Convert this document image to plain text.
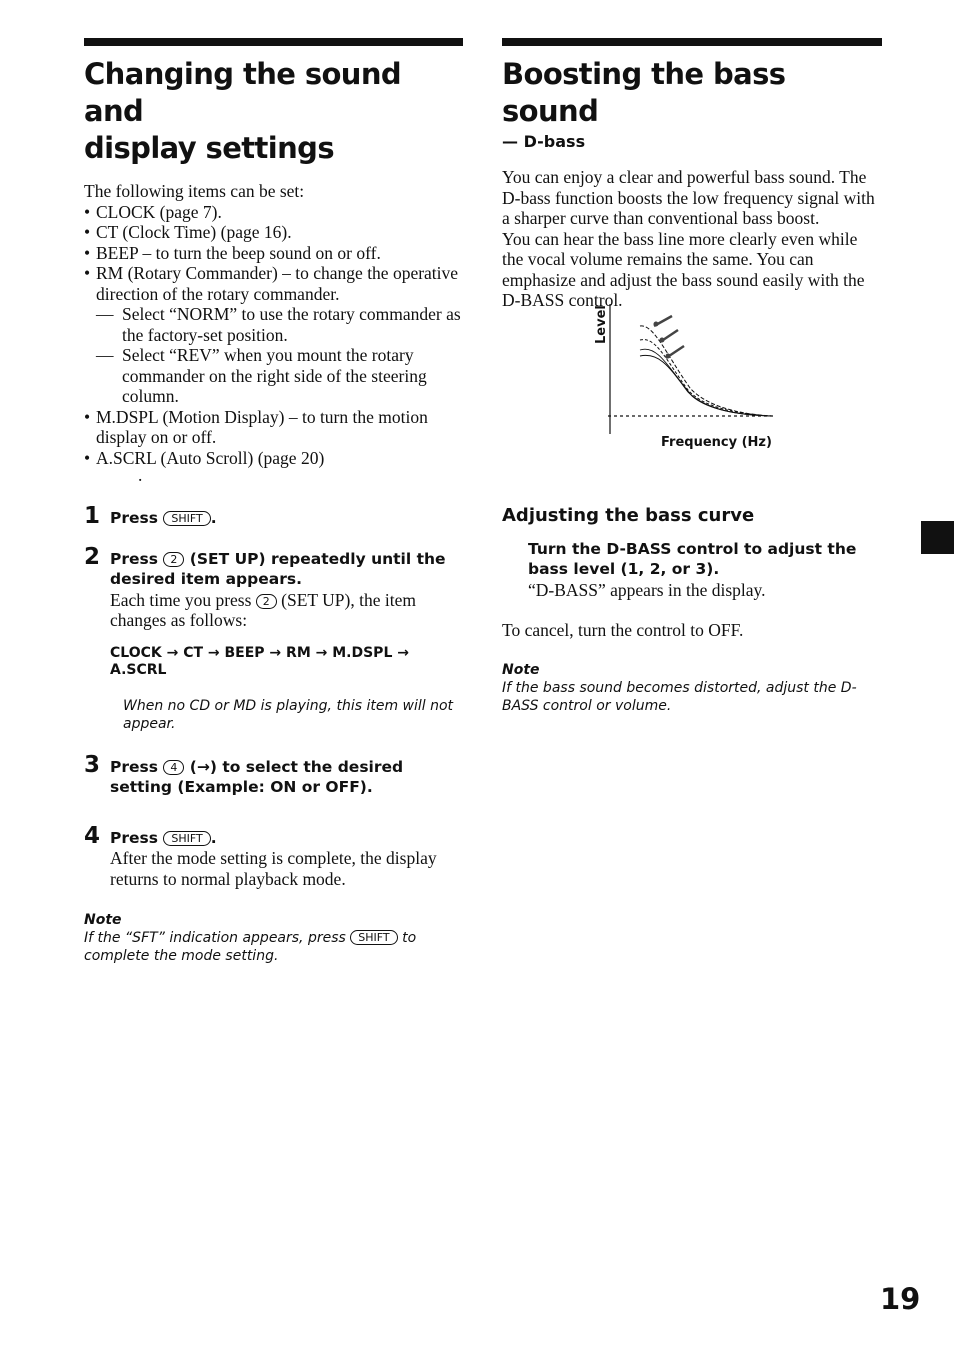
Changing the sound and
display settings
The following items can be set:
• CLOCK (page 7).
• CT (Clock Time) (page 16).
• BEEP – to turn the beep sound on or off.
• RM (Rotary Commander) – to change the operative direction of the rotary commander.
— Select “NORM” to use the rotary commander as the factory-set position.
— Select “REV” when you mount the rotary commander on the right side of the steering column.
• M.DSPL (Motion Display) – to turn the motion display on or off.
• A.SCRL (Auto Scroll) (page 20)
.
1 Press SHIFT .
2 Press 2 (SET UP) repeatedly until the desired item appears.
Each time you press 2 (SET UP), the item changes as follows:
CLOCK → CT → BEEP → RM → M.DSPL → A.SCRL
When no CD or MD is playing, this item will not appear.
3 Press 4 (→) to select the desired setting (Example: ON or OFF).
4 Press SHIFT .
After the mode setting is complete, the display returns to normal playback mode.
Note
If the “SFT” indication appears, press SHIFT to complete the mode setting.
Boosting the bass sound
— D-bass
You can enjoy a clear and powerful bass sound. The D-bass function boosts the low frequency signal with a sharper curve than conventional bass boost.
You can hear the bass line more clearly even while the vocal volume remains the same. You can emphasize and adjust the bass sound easily with the D-BASS control.
Adjusting the bass curve
Turn the D-BASS control to adjust the bass level (1, 2, or 3).
“D-BASS” appears in the display.
To cancel, turn the control to OFF.
Note
If the bass sound becomes distorted, adjust the D-BASS control or volume.
Level
Frequency (Hz)
19
